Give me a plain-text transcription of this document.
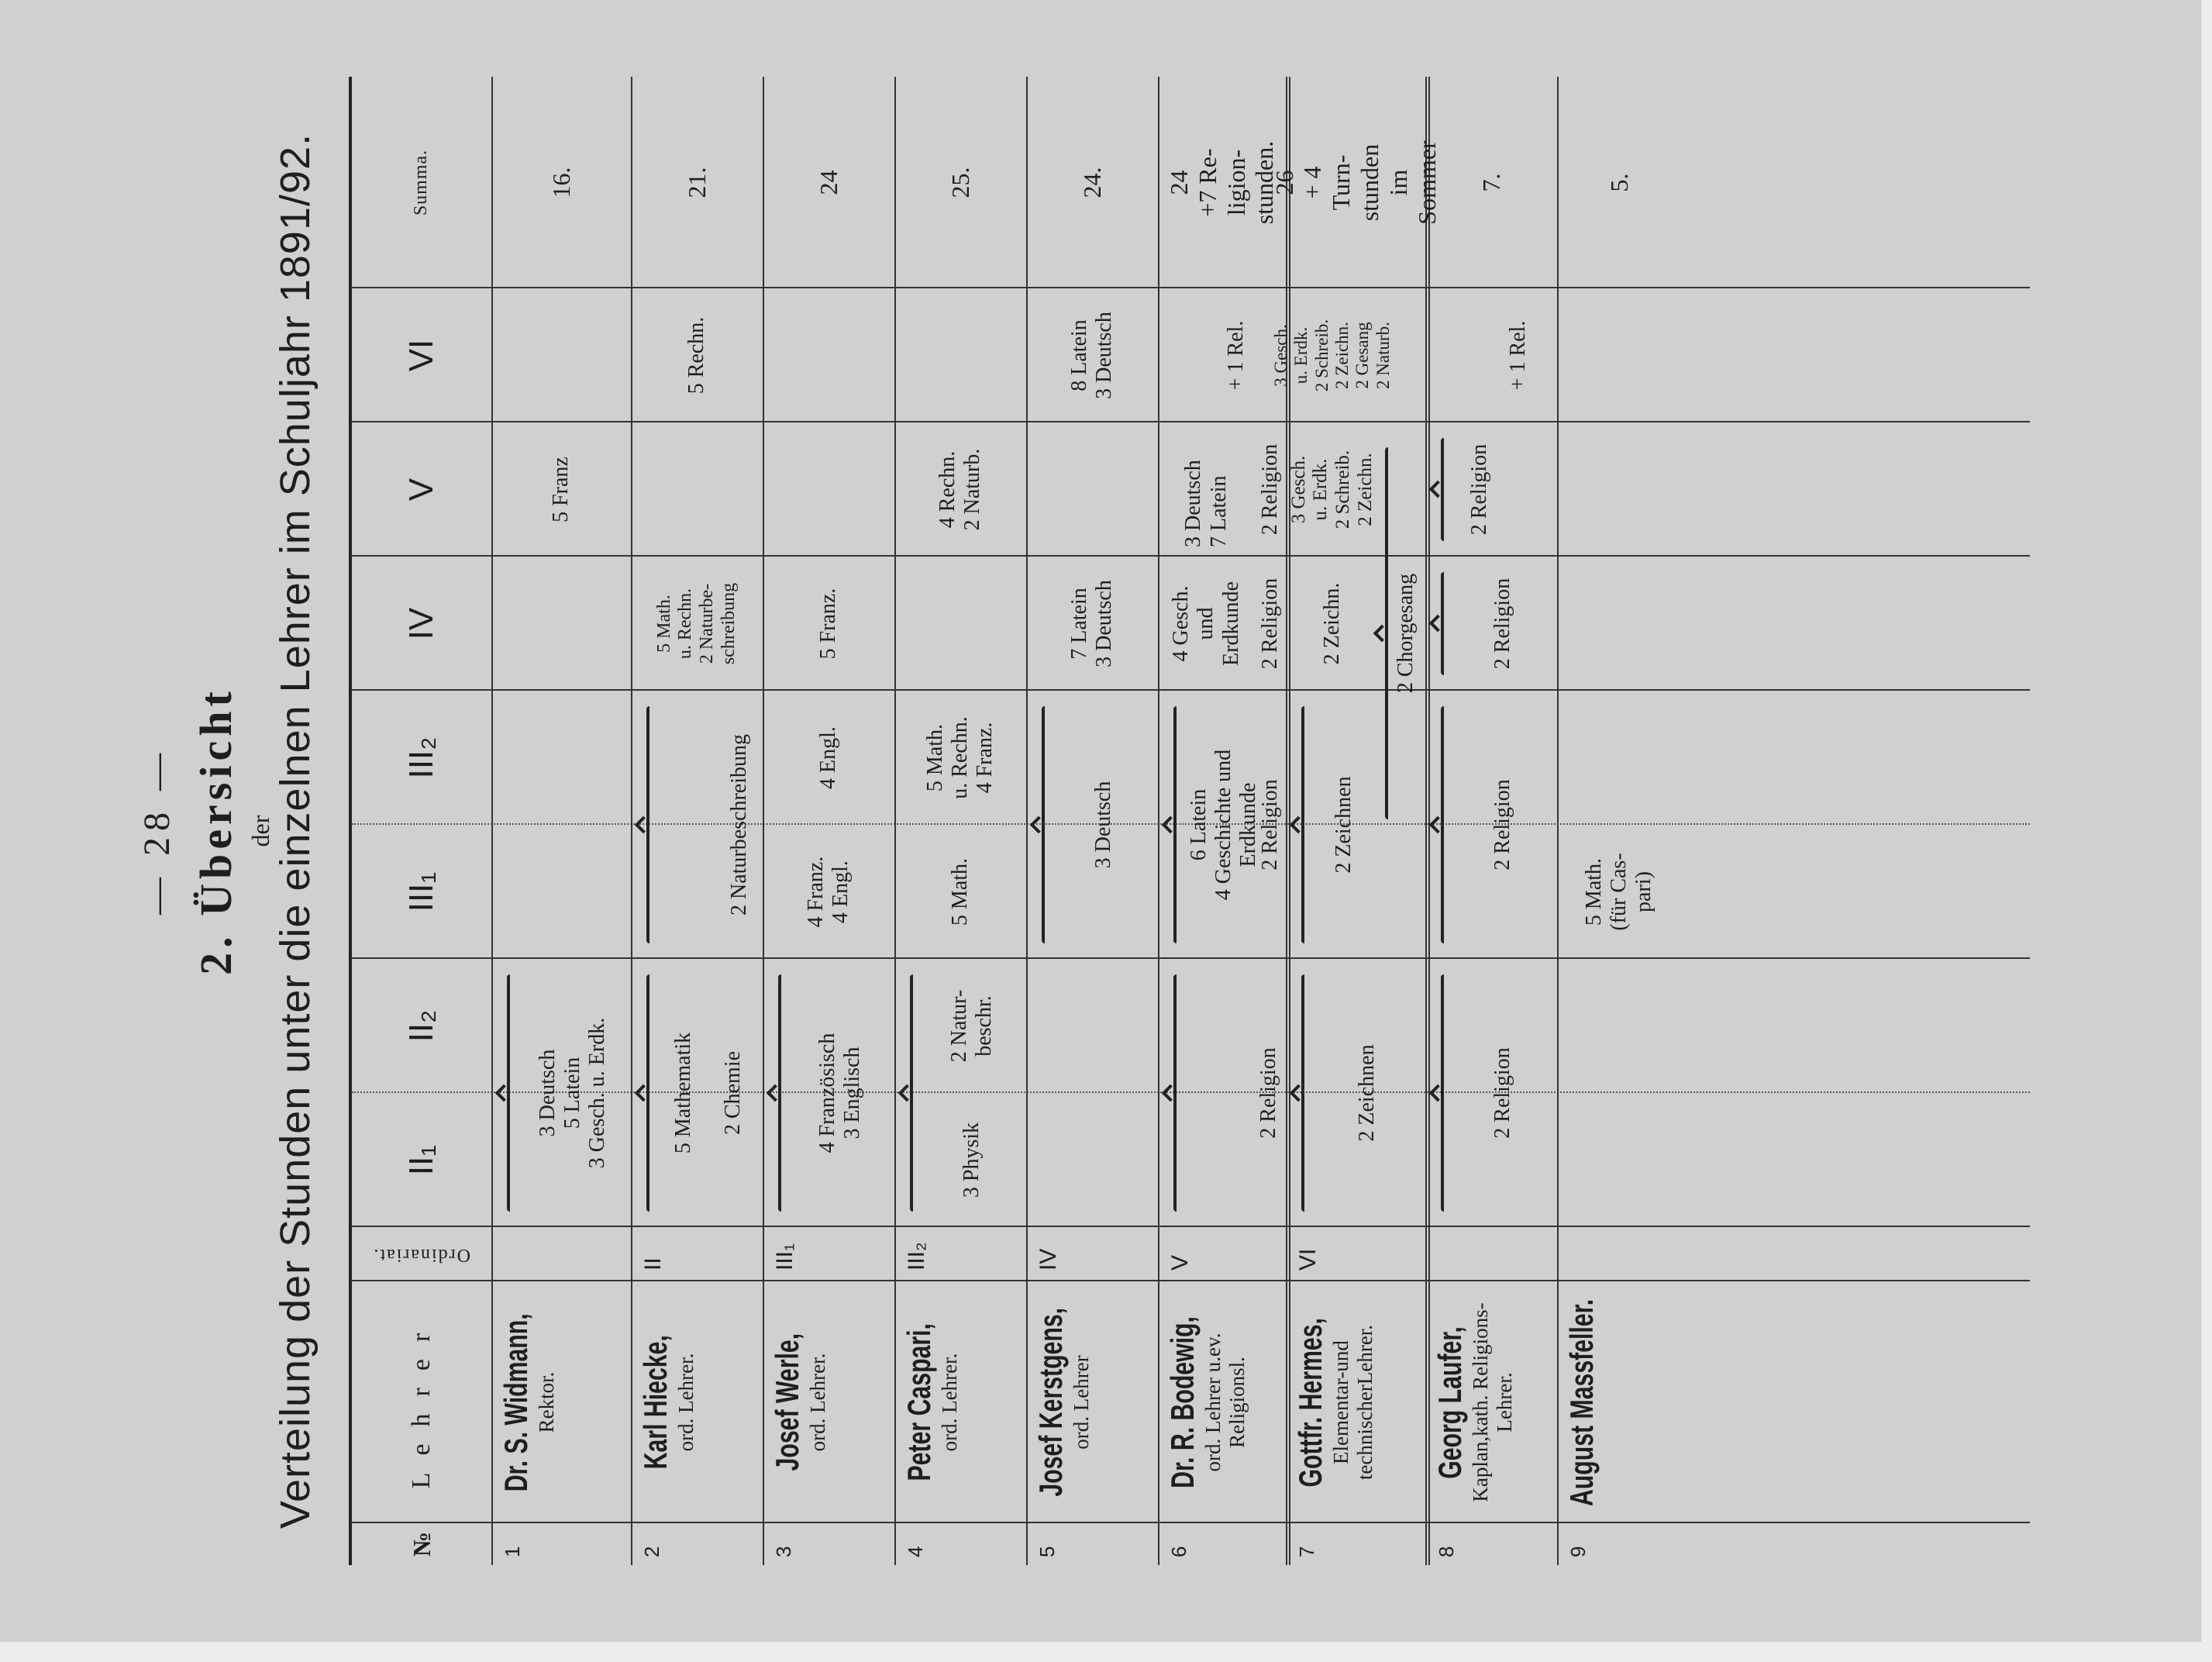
— 28 — 2. Übersicht der
Verteilung der Stunden unter die einzelnen Lehrer im Schuljahr 1891/92.
№
Lehrer
Ordinariat.
II₁
II₂
III₁
III₂
IV
V
VI
Summa.
1
Dr. S. Widmann, Rektor.
3 Deutsch 5 Latein 3 Gesch. u. Erdk.
5 Franz
16.
2
Karl Hiecke, ord. Lehrer.
II
5 Mathematik
2 Chemie
2 Naturbeschreibung
5 Math. u. Rechn. 2 Naturbe- schreibung
5 Rechn.
21.
3
Josef Werle, ord. Lehrer.
III₁
4 Französisch 3 Englisch
4 Franz. 4 Engl.
4 Engl.
5 Franz.
24
4
Peter Caspari, ord. Lehrer.
III₂
3 Physik
2 Natur- beschr.
5 Math.
5 Math. u. Rechn. 4 Franz.
4 Rechn. 2 Naturb.
25.
5
Josef Kerstgens, ord. Lehrer
IV
3 Deutsch
7 Latein 3 Deutsch
8 Latein 3 Deutsch
24.
6
Dr. R. Bodewig, ord. Lehrer u.ev. Religionsl.
V
2 Religion
6 Latein 4 Geschichte und Erdkunde
2 Religion
4 Gesch. und Erdkunde 2 Religion
3 Deutsch 7 Latein 2 Religion
+ 1 Rel.
24 +7 Re- ligion- stunden.
7
Gottfr. Hermes, Elementar-und technischerLehrer.
VI
2 Zeichnen
2 Zeichnen
2 Zeichn.
3 Gesch. u. Erdk. 2 Schreib. 2 Zeichn.
3 Gesch. u. Erdk. 2 Schreib. 2 Zeichn. 2 Gesang 2 Naturb.
2 Chorgesang
26 + 4 Turn- stunden im Sommer
8
Georg Laufer, Kaplan,kath. Religions-Lehrer.
2 Religion
2 Religion
2 Religion
2 Religion
+ 1 Rel.
7.
9
August Massfeller.
5 Math. (für Cas- pari)
5.
